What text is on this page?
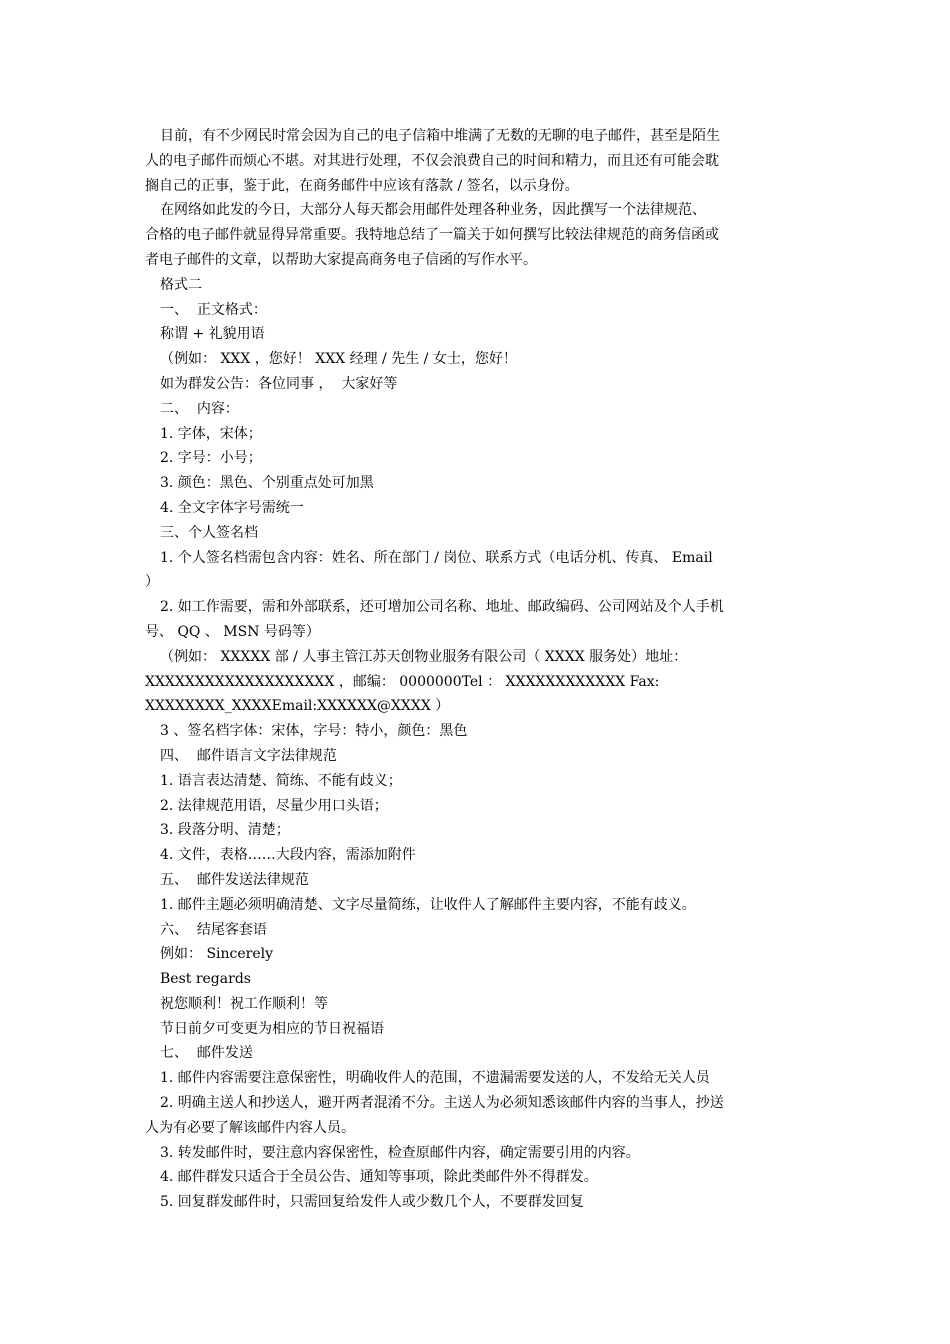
目前，有不少网民时常会因为自己的电子信箱中堆满了无数的无聊的电子邮件，甚至是陌生
人的电子邮件而烦心不堪。对其进行处理，不仅会浪费自己的时间和精力，而且还有可能会耽
搁自己的正事，鉴于此，在商务邮件中应该有落款 / 签名，以示身份。
在网络如此发的今日，大部分人每天都会用邮件处理各种业务，因此撰写一个法律规范、
合格的电子邮件就显得异常重要。我特地总结了一篇关于如何撰写比较法律规范的商务信函或
者电子邮件的文章，以帮助大家提高商务电子信函的写作水平。
格式二
一、  正文格式：
称谓 + 礼貌用语
（例如： XXX ，您好！ XXX 经理 / 先生 / 女士，您好！
如为群发公告：各位同事 ，  大家好等
二、  内容：
1. 字体，宋体；
2. 字号：小号；
3. 颜色：黑色、个别重点处可加黑
4. 全文字体字号需统一
三、个人签名档
1. 个人签名档需包含内容：姓名、所在部门 / 岗位、联系方式（电话分机、传真、 Email
）
2. 如工作需要，需和外部联系，还可增加公司名称、地址、邮政编码、公司网站及个人手机
号、 QQ 、 MSN 号码等）
（例如： XXXXX 部 / 人事主管江苏天创物业服务有限公司（ XXXX 服务处）地址：
XXXXXXXXXXXXXXXXXXX ，邮编： 0000000Tel ： XXXXXXXXXXXX Fax:
XXXXXXXX_XXXXEmail:XXXXXX@XXXX ）
3 、签名档字体：宋体，字号：特小，颜色：黑色
四、  邮件语言文字法律规范
1. 语言表达清楚、简练、不能有歧义；
2. 法律规范用语，尽量少用口头语；
3. 段落分明、清楚；
4. 文件，表格……大段内容，需添加附件
五、  邮件发送法律规范
1. 邮件主题必须明确清楚、文字尽量简练，让收件人了解邮件主要内容，不能有歧义。
六、  结尾客套语
例如： Sincerely
Best regards
祝您顺利！祝工作顺利！等
节日前夕可变更为相应的节日祝福语
七、  邮件发送
1. 邮件内容需要注意保密性，明确收件人的范围，不遗漏需要发送的人，不发给无关人员
2. 明确主送人和抄送人，避开两者混淆不分。主送人为必须知悉该邮件内容的当事人，抄送
人为有必要了解该邮件内容人员。
3. 转发邮件时，要注意内容保密性，检查原邮件内容，确定需要引用的内容。
4. 邮件群发只适合于全员公告、通知等事项，除此类邮件外不得群发。
5. 回复群发邮件时，只需回复给发件人或少数几个人，不要群发回复
